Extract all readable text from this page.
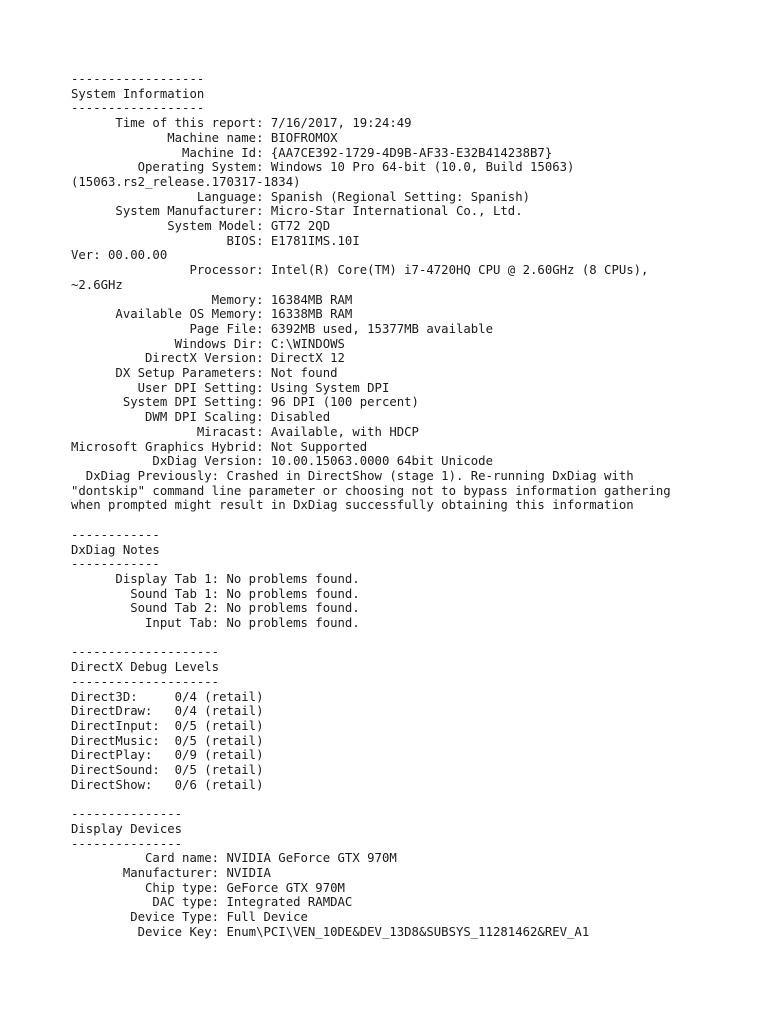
------------------
System Information
------------------
Time of this report: 7/16/2017, 19:24:49
Machine name: BIOFROMOX
Machine Id: {AA7CE392-1729-4D9B-AF33-E32B414238B7}
Operating System: Windows 10 Pro 64-bit (10.0, Build 15063)
(15063.rs2_release.170317-1834)
Language: Spanish (Regional Setting: Spanish)
System Manufacturer: Micro-Star International Co., Ltd.
System Model: GT72 2QD
BIOS: E1781IMS.10I
Ver: 00.00.00
Processor: Intel(R) Core(TM) i7-4720HQ CPU @ 2.60GHz (8 CPUs),
~2.6GHz
Memory: 16384MB RAM
Available OS Memory: 16338MB RAM
Page File: 6392MB used, 15377MB available
Windows Dir: C:\WINDOWS
DirectX Version: DirectX 12
DX Setup Parameters: Not found
User DPI Setting: Using System DPI
System DPI Setting: 96 DPI (100 percent)
DWM DPI Scaling: Disabled
Miracast: Available, with HDCP
Microsoft Graphics Hybrid: Not Supported
DxDiag Version: 10.00.15063.0000 64bit Unicode
DxDiag Previously: Crashed in DirectShow (stage 1). Re-running DxDiag with
"dontskip" command line parameter or choosing not to bypass information gathering
when prompted might result in DxDiag successfully obtaining this information

------------
DxDiag Notes
------------
Display Tab 1: No problems found.
Sound Tab 1: No problems found.
Sound Tab 2: No problems found.
Input Tab: No problems found.

--------------------
DirectX Debug Levels
--------------------
Direct3D:     0/4 (retail)
DirectDraw:   0/4 (retail)
DirectInput:  0/5 (retail)
DirectMusic:  0/5 (retail)
DirectPlay:   0/9 (retail)
DirectSound:  0/5 (retail)
DirectShow:   0/6 (retail)

---------------
Display Devices
---------------
Card name: NVIDIA GeForce GTX 970M
Manufacturer: NVIDIA
Chip type: GeForce GTX 970M
DAC type: Integrated RAMDAC
Device Type: Full Device
Device Key: Enum\PCI\VEN_10DE&DEV_13D8&SUBSYS_11281462&REV_A1
